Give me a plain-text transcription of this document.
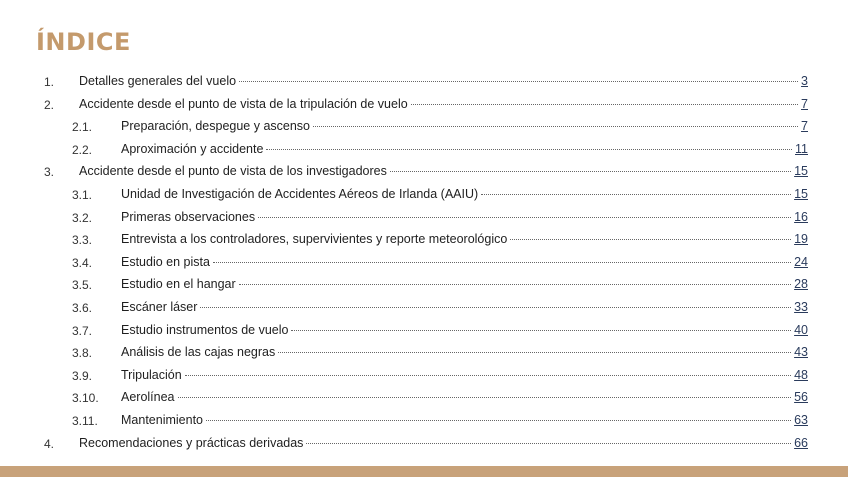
ÍNDICE
1. Detalles generales del vuelo	3
2. Accidente desde el punto de vista de la tripulación de vuelo	7
2.1. Preparación, despegue y ascenso	7
2.2. Aproximación y accidente	11
3. Accidente desde el punto de vista de los investigadores	15
3.1. Unidad de Investigación de Accidentes Aéreos de Irlanda (AAIU)	15
3.2. Primeras observaciones	16
3.3. Entrevista a los controladores, supervivientes y reporte meteorológico	19
3.4. Estudio en pista	24
3.5. Estudio en el hangar	28
3.6. Escáner láser	33
3.7. Estudio instrumentos de vuelo	40
3.8. Análisis de las cajas negras	43
3.9. Tripulación	48
3.10. Aerolínea	56
3.11. Mantenimiento	63
4. Recomendaciones y prácticas derivadas	66
